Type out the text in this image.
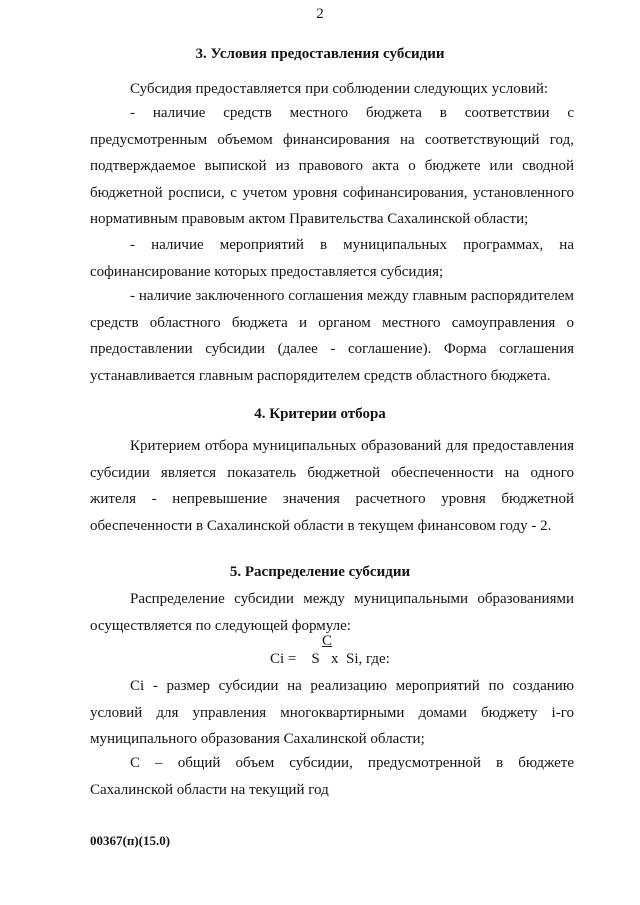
2
3. Условия предоставления субсидии
Субсидия предоставляется при соблюдении следующих условий:
- наличие средств местного бюджета в соответствии с предусмотренным объемом финансирования на соответствующий год, подтверждаемое выпиской из правового акта о бюджете или сводной бюджетной росписи, с учетом уровня софинансирования, установленного нормативным правовым актом Правительства Сахалинской области;
- наличие мероприятий в муниципальных программах, на софинансирование которых предоставляется субсидия;
- наличие заключенного соглашения между главным распорядителем средств областного бюджета и органом местного самоуправления о предоставлении субсидии (далее - соглашение). Форма соглашения устанавливается главным распорядителем средств областного бюджета.
4. Критерии отбора
Критерием отбора муниципальных образований для предоставления субсидии является показатель бюджетной обеспеченности на одного жителя - непревышение значения расчетного уровня бюджетной обеспеченности в Сахалинской области в текущем финансовом году - 2.
5. Распределение субсидии
Распределение субсидии между муниципальными образованиями осуществляется по следующей формуле:
C
Ci =    S   x  Si, где:
Ci - размер субсидии на реализацию мероприятий по созданию условий для управления многоквартирными домами бюджету i-го муниципального образования Сахалинской области;
C – общий объем субсидии, предусмотренной в бюджете Сахалинской области на текущий год
00367(п)(15.0)
